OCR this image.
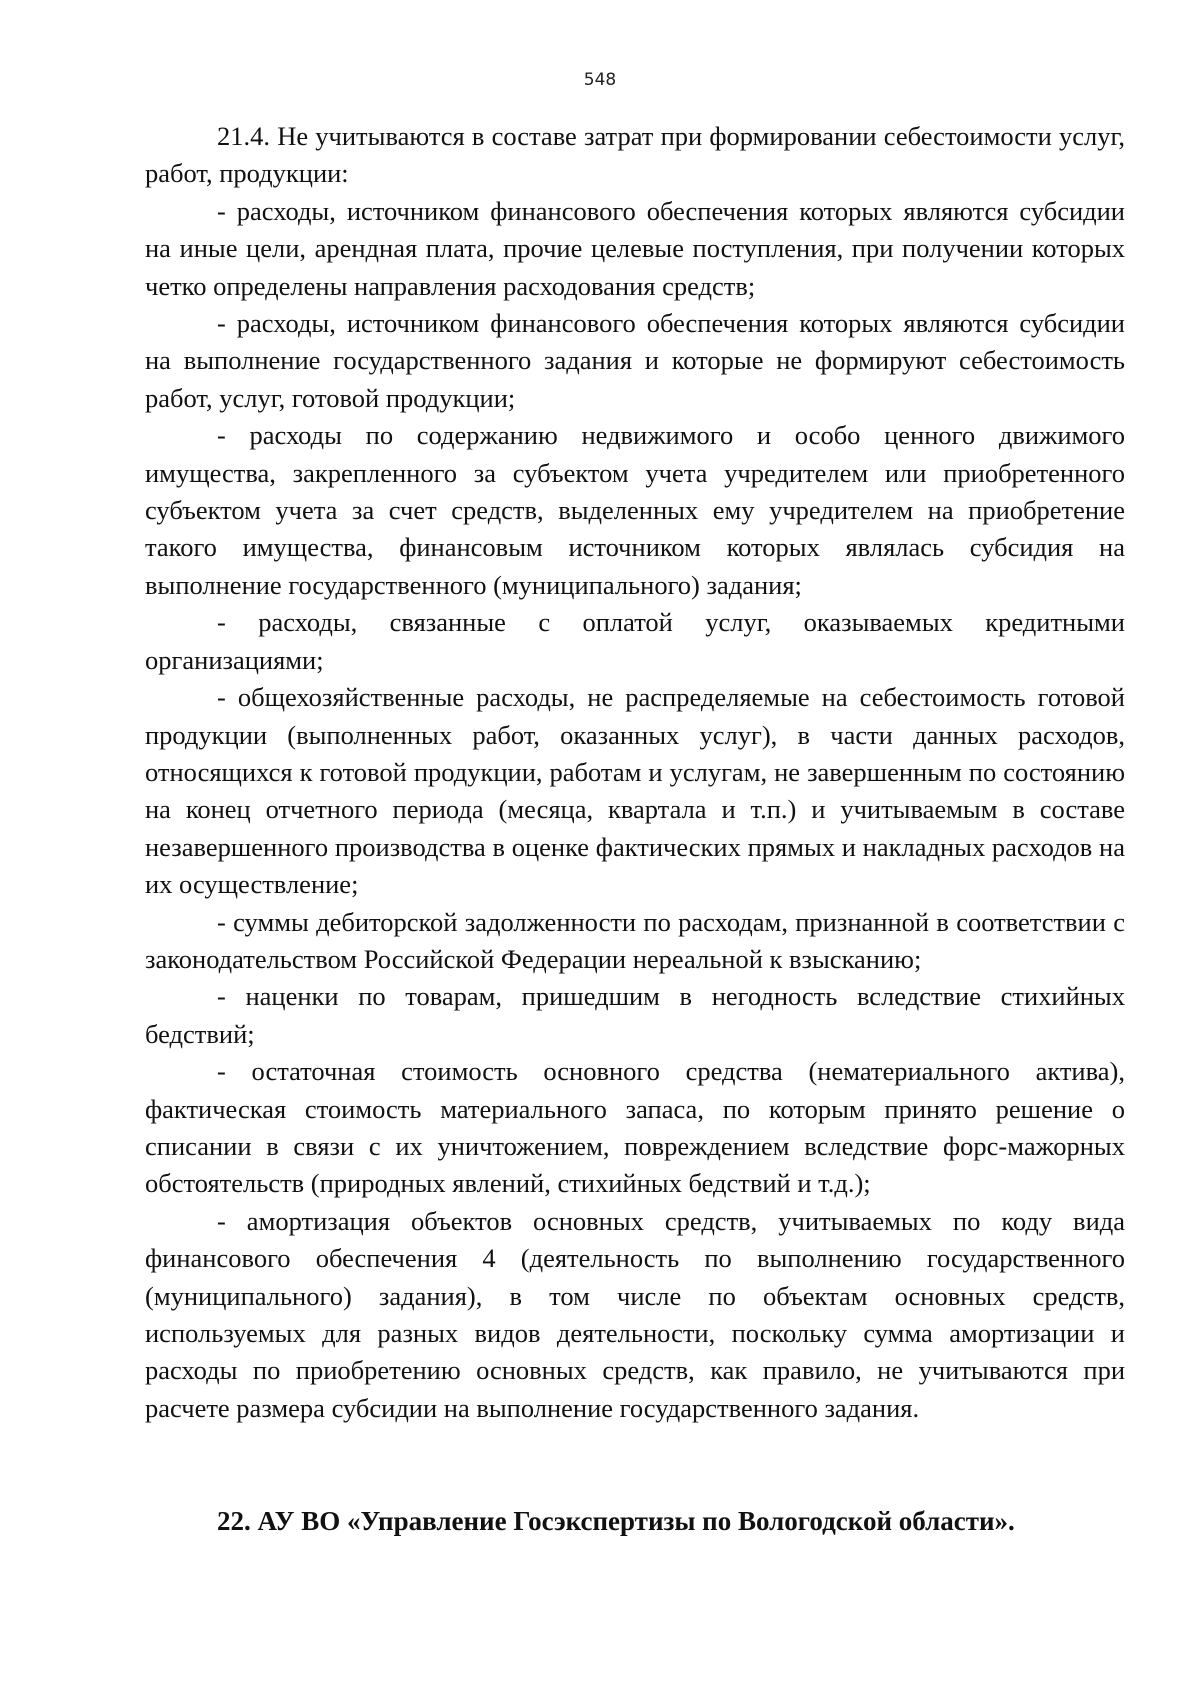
548

21.4. Не учитываются в составе затрат при формировании себестоимости услуг, работ, продукции:

- расходы, источником финансового обеспечения которых являются субсидии на иные цели, арендная плата, прочие целевые поступления, при получении которых четко определены направления расходования средств;

- расходы, источником финансового обеспечения которых являются субсидии на выполнение государственного задания и которые не формируют себестоимость работ, услуг, готовой продукции;

- расходы по содержанию недвижимого и особо ценного движимого имущества, закрепленного за субъектом учета учредителем или приобретенного субъектом учета за счет средств, выделенных ему учредителем на приобретение такого имущества, финансовым источником которых являлась субсидия на выполнение государственного (муниципального) задания;

- расходы, связанные с оплатой услуг, оказываемых кредитными организациями;

- общехозяйственные расходы, не распределяемые на себестоимость готовой продукции (выполненных работ, оказанных услуг), в части данных расходов, относящихся к готовой продукции, работам и услугам, не завершенным по состоянию на конец отчетного периода (месяца, квартала и т.п.) и учитываемым в составе незавершенного производства в оценке фактических прямых и накладных расходов на их осуществление;

- суммы дебиторской задолженности по расходам, признанной в соответствии с законодательством Российской Федерации нереальной к взысканию;

- наценки по товарам, пришедшим в негодность вследствие стихийных бедствий;

- остаточная стоимость основного средства (нематериального актива), фактическая стоимость материального запаса, по которым принято решение о списании в связи с их уничтожением, повреждением вследствие форс-мажорных обстоятельств (природных явлений, стихийных бедствий и т.д.);

- амортизация объектов основных средств, учитываемых по коду вида финансового обеспечения 4 (деятельность по выполнению государственного (муниципального) задания), в том числе по объектам основных средств, используемых для разных видов деятельности, поскольку сумма амортизации и расходы по приобретению основных средств, как правило, не учитываются при расчете размера субсидии на выполнение государственного задания.

22. АУ ВО «Управление Госэкспертизы по Вологодской области».
